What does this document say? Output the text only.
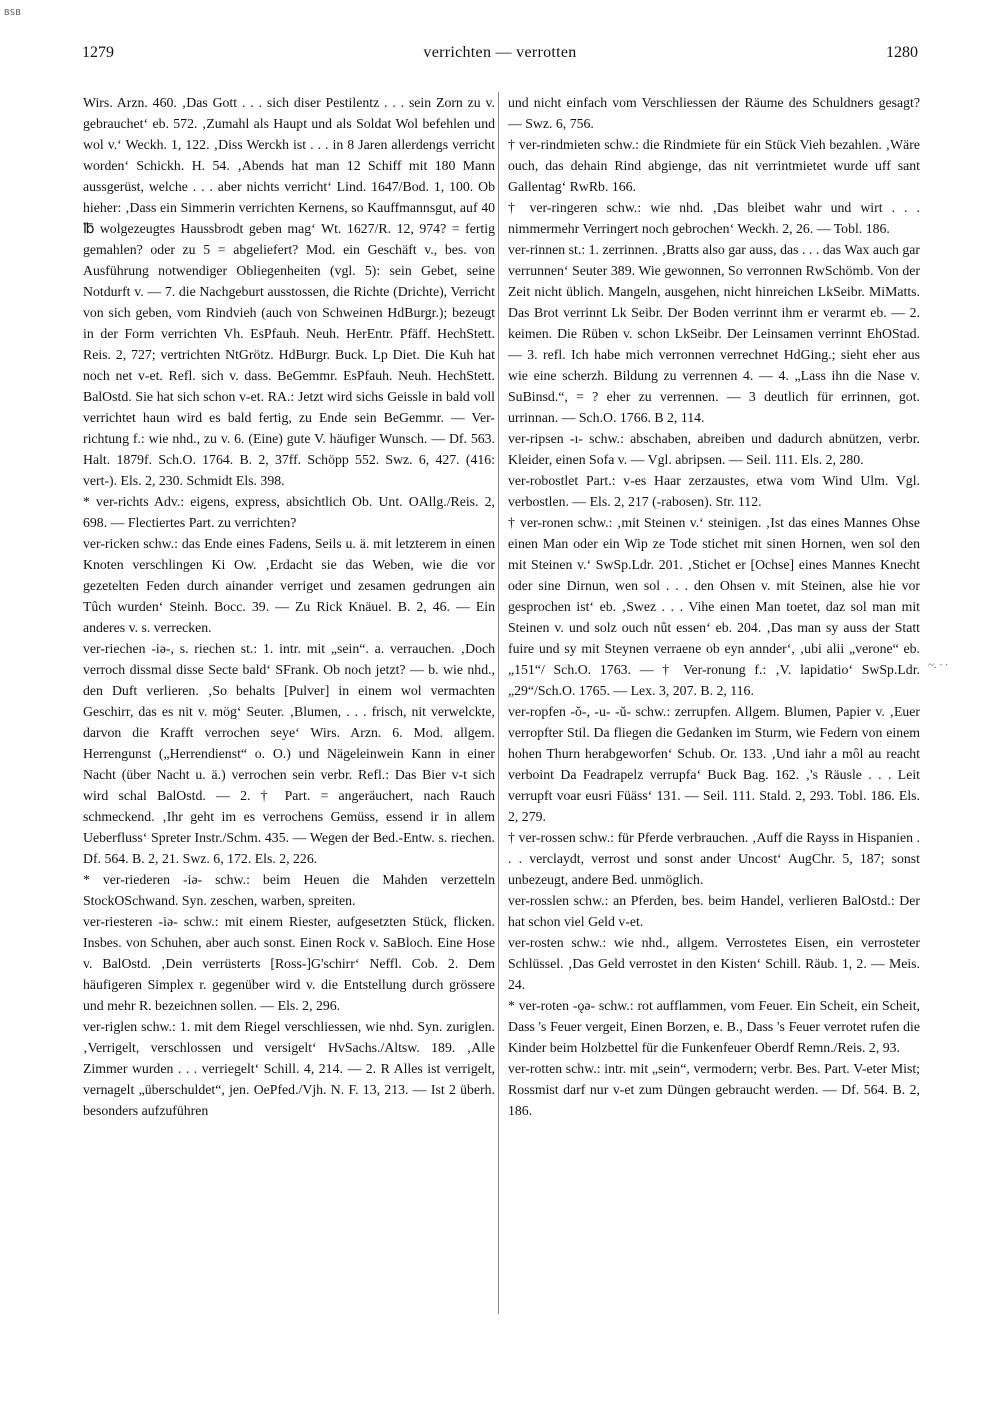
BSB
1279	verrichten — verrotten	1280

Wirs. Arzn. 460. ‚Das Gott . . . sich diser Pestilentz . . . sein Zorn zu v. gebrauchet‘ eb. 572. ‚Zumahl als Haupt und als Soldat Wol befehlen und wol v.‘ Weckh. 1, 122. ‚Diss Werckh ist . . . in 8 Jaren allerdengs verricht worden‘ Schickh. H. 54. ‚Abends hat man 12 Schiff mit 180 Mann aussgerüst, welche . . . aber nichts verricht‘ Lind. 1647/Bod. 1, 100. Ob hieher: ‚Dass ein Simmerin verrichten Kernens, so Kauffmannsgut, auf 40 ℔ wolgezeugtes Haussbrodt geben mag‘ Wt. 1627/R. 12, 974? = fertig gemahlen? oder zu 5 = abgeliefert? Mod. ein Geschäft v., bes. von Ausführung notwendiger Obliegenheiten (vgl. 5): sein Gebet, seine Notdurft v. — 7. die Nachgeburt ausstossen, die Richte (Drichte), Verricht von sich geben, vom Rindvieh (auch von Schweinen HdBurgr.); bezeugt in der Form verrichten Vh. EsPfauh. Neuh. HerEntr. Pfäff. HechStett. Reis. 2, 727; vertrichten NtGrötz. HdBurgr. Buck. Lp Diet. Die Kuh hat noch net v-et. Refl. sich v. dass. BeGemmr. EsPfauh. Neuh. HechStett. BalOstd. Sie hat sich schon v-et. RA.: Jetzt wird sichs Geissle in bald voll verrichtet haun wird es bald fertig, zu Ende sein BeGemmr. — Ver-richtung f.: wie nhd., zu v. 6. (Eine) gute V. häufiger Wunsch. — Df. 563. Halt. 1879f. Sch.O. 1764. B. 2, 37ff. Schöpp 552. Swz. 6, 427. (416: vert-). Els. 2, 230. Schmidt Els. 398.

* ver-richts Adv.: eigens, express, absichtlich Ob. Unt. OAllg./Reis. 2, 698. — Flectiertes Part. zu verrichten?

ver-ricken schw.: das Ende eines Fadens, Seils u. ä. mit letzterem in einen Knoten verschlingen Ki Ow. ‚Erdacht sie das Weben, wie die vor gezetelten Feden durch ainander verriget und zesamen gedrungen ain Tûch wurden‘ Steinh. Bocc. 39. — Zu Rick Knäuel. B. 2, 46. — Ein anderes v. s. verrecken.

ver-riechen -iə-, s. riechen st.: 1. intr. mit „sein“. a. verrauchen. ‚Doch verroch dissmal disse Secte bald‘ SFrank. Ob noch jetzt? — b. wie nhd., den Duft verlieren. ‚So behalts [Pulver] in einem wol vermachten Geschirr, das es nit v. mög‘ Seuter. ‚Blumen, . . . frisch, nit verwelckte, darvon die Krafft verrochen seye‘ Wirs. Arzn. 6. Mod. allgem. Herrengunst („Herrendienst“ o. O.) und Nägeleinwein Kann in einer Nacht (über Nacht u. ä.) verrochen sein verbr. Refl.: Das Bier v-t sich wird schal BalOstd. — 2. † Part. = angeräuchert, nach Rauch schmeckend. ‚Ihr geht im es verrochens Gemüss, essend ir in allem Ueberfluss‘ Spreter Instr./Schm. 435. — Wegen der Bed.-Entw. s. riechen. Df. 564. B. 2, 21. Swz. 6, 172. Els. 2, 226.

* ver-riederen -iə- schw.: beim Heuen die Mahden verzetteln StockOSchwand. Syn. zeschen, warben, spreiten.

ver-riesteren -iə- schw.: mit einem Riester, aufgesetzten Stück, flicken. Insbes. von Schuhen, aber auch sonst. Einen Rock v. SaBloch. Eine Hose v. BalOstd. ‚Dein verrüsterts [Ross-]G'schirr‘ Neffl. Cob. 2. Dem häufigeren Simplex r. gegenüber wird v. die Entstellung durch grössere und mehr R. bezeichnen sollen. — Els. 2, 296.

ver-riglen schw.: 1. mit dem Riegel verschliessen, wie nhd. Syn. zuriglen. ‚Verrigelt, verschlossen und versigelt‘ HvSachs./Altsw. 189. ‚Alle Zimmer wurden . . . verriegelt‘ Schill. 4, 214. — 2. R Alles ist verrigelt, vernagelt „überschuldet“, jen. OePfed./Vjh. N. F. 13, 213. — Ist 2 überh. besonders aufzuführen

und nicht einfach vom Verschliessen der Räume des Schuldners gesagt? — Swz. 6, 756.

† ver-rindmieten schw.: die Rindmiete für ein Stück Vieh bezahlen. ‚Wäre ouch, das dehain Rind abgienge, das nit verrintmietet wurde uff sant Gallentag‘ RwRb. 166.

† ver-ringeren schw.: wie nhd. ‚Das bleibet wahr und wirt . . . nimmermehr Verringert noch gebrochen‘ Weckh. 2, 26. — Tobl. 186.

ver-rinnen st.: 1. zerrinnen. ‚Bratts also gar auss, das . . . das Wax auch gar verrunnen‘ Seuter 389. Wie gewonnen, So verronnen RwSchömb. Von der Zeit nicht üblich. Mangeln, ausgehen, nicht hinreichen LkSeibr. MiMatts. Das Brot verrinnt Lk Seibr. Der Boden verrinnt ihm er verarmt eb. — 2. keimen. Die Rüben v. schon LkSeibr. Der Leinsamen verrinnt EhOStad. — 3. refl. Ich habe mich verronnen verrechnet HdGing.; sieht eher aus wie eine scherzh. Bildung zu verrennen 4. — 4. „Lass ihn die Nase v. SuBinsd.“, = ? eher zu verrennen. — 3 deutlich für errinnen, got. urrinnan. — Sch.O. 1766. B 2, 114.

ver-ripsen -ɪ- schw.: abschaben, abreiben und dadurch abnützen, verbr. Kleider, einen Sofa v. — Vgl. abripsen. — Seil. 111. Els. 2, 280.

ver-robostlet Part.: v-es Haar zerzaustes, etwa vom Wind Ulm. Vgl. verbostlen. — Els. 2, 217 (-rabosen). Str. 112.

† ver-ronen schw.: ‚mit Steinen v.‘ steinigen. ‚Ist das eines Mannes Ohse einen Man oder ein Wip ze Tode stichet mit sinen Hornen, wen sol den mit Steinen v.‘ SwSp.Ldr. 201. ‚Stichet er [Ochse] eines Mannes Knecht oder sine Dirnun, wen sol . . . den Ohsen v. mit Steinen, alse hie vor gesprochen ist‘ eb. ‚Swez . . . Vihe einen Man toetet, daz sol man mit Steinen v. und solz ouch nût essen‘ eb. 204. ‚Das man sy auss der Statt fuire und sy mit Steynen verraene ob eyn annder‘, ‚ubi alii „verone“ eb. „151“/ Sch.O. 1763. — † Ver-ronung f.: ‚V. lapidatio‘ SwSp.Ldr. „29“/Sch.O. 1765. — Lex. 3, 207. B. 2, 116.

ver-ropfen -ǒ-, -u- -ŭ- schw.: zerrupfen. Allgem. Blumen, Papier v. ‚Euer verropfter Stil. Da fliegen die Gedanken im Sturm, wie Federn von einem hohen Thurn herabgeworfen‘ Schub. Or. 133. ‚Und iahr a môl au reacht verboint Da Feadrapelz verrupfa‘ Buck Bag. 162. ‚'s Räusle . . . Leit verrupft voar eusri Füäss‘ 131. — Seil. 111. Stald. 2, 293. Tobl. 186. Els. 2, 279.

† ver-rossen schw.: für Pferde verbrauchen. ‚Auff die Rayss in Hispanien . . . verclaydt, verrost und sonst ander Uncost‘ AugChr. 5, 187; sonst unbezeugt, andere Bed. unmöglich.

ver-rosslen schw.: an Pferden, bes. beim Handel, verlieren BalOstd.: Der hat schon viel Geld v-et.

ver-rosten schw.: wie nhd., allgem. Verrostetes Eisen, ein verrosteter Schlüssel. ‚Das Geld verrostet in den Kisten‘ Schill. Räub. 1, 2. — Meis. 24.

* ver-roten -ǫə- schw.: rot aufflammen, vom Feuer. Ein Scheit, ein Scheit, Dass 's Feuer vergeit, Einen Borzen, e. B., Dass 's Feuer verrotet rufen die Kinder beim Holzbettel für die Funkenfeuer Oberdf Remn./Reis. 2, 93.

ver-rotten schw.: intr. mit „sein“, vermodern; verbr. Bes. Part. V-eter Mist; Rossmist darf nur v-et zum Düngen gebraucht werden. — Df. 564. B. 2, 186.

~. · ·
